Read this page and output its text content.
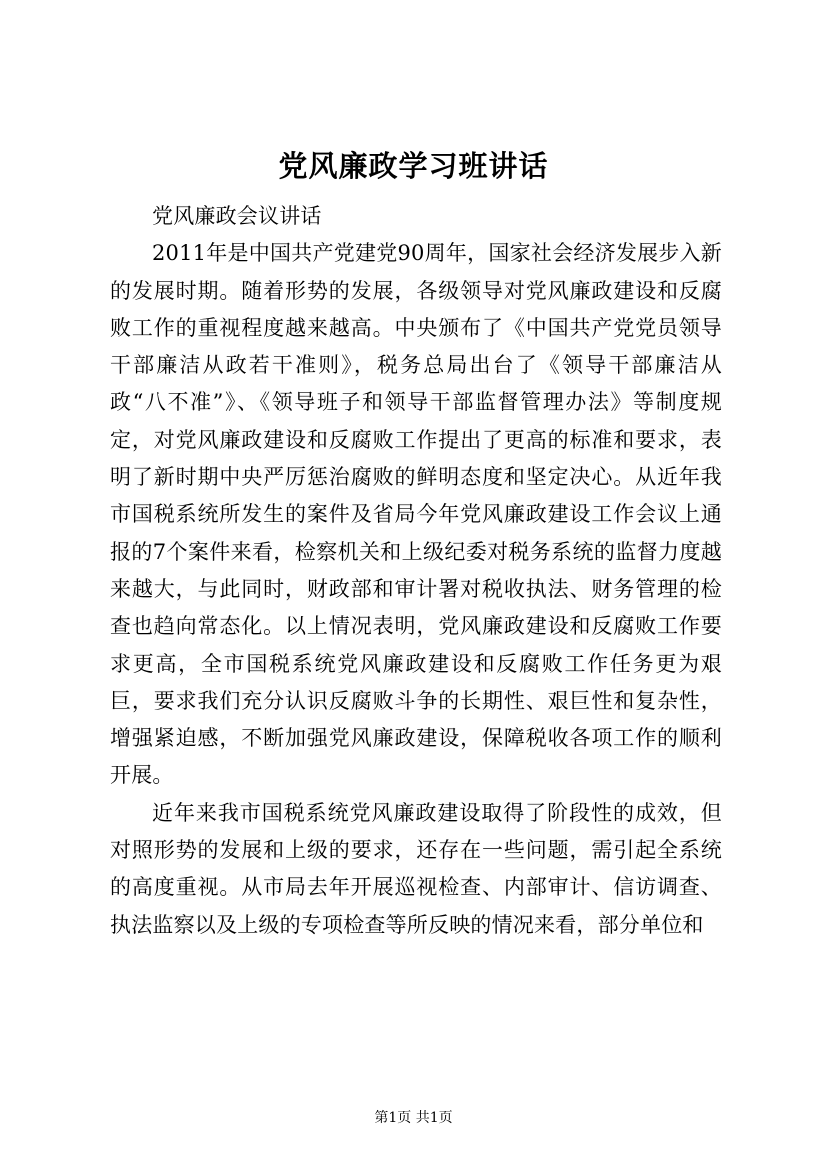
党风廉政学习班讲话

党风廉政会议讲话

2011年是中国共产党建党90周年，国家社会经济发展步入新的发展时期。随着形势的发展，各级领导对党风廉政建设和反腐败工作的重视程度越来越高。中央颁布了《中国共产党党员领导干部廉洁从政若干准则》，税务总局出台了《领导干部廉洁从政“八不准”》、《领导班子和领导干部监督管理办法》等制度规定，对党风廉政建设和反腐败工作提出了更高的标准和要求，表明了新时期中央严厉惩治腐败的鲜明态度和坚定决心。从近年我市国税系统所发生的案件及省局今年党风廉政建设工作会议上通报的7个案件来看，检察机关和上级纪委对税务系统的监督力度越来越大，与此同时，财政部和审计署对税收执法、财务管理的检查也趋向常态化。以上情况表明，党风廉政建设和反腐败工作要求更高，全市国税系统党风廉政建设和反腐败工作任务更为艰巨，要求我们充分认识反腐败斗争的长期性、艰巨性和复杂性，增强紧迫感，不断加强党风廉政建设，保障税收各项工作的顺利开展。

近年来我市国税系统党风廉政建设取得了阶段性的成效，但对照形势的发展和上级的要求，还存在一些问题，需引起全系统的高度重视。从市局去年开展巡视检查、内部审计、信访调查、执法监察以及上级的专项检查等所反映的情况来看，部分单位和

第1页 共1页
